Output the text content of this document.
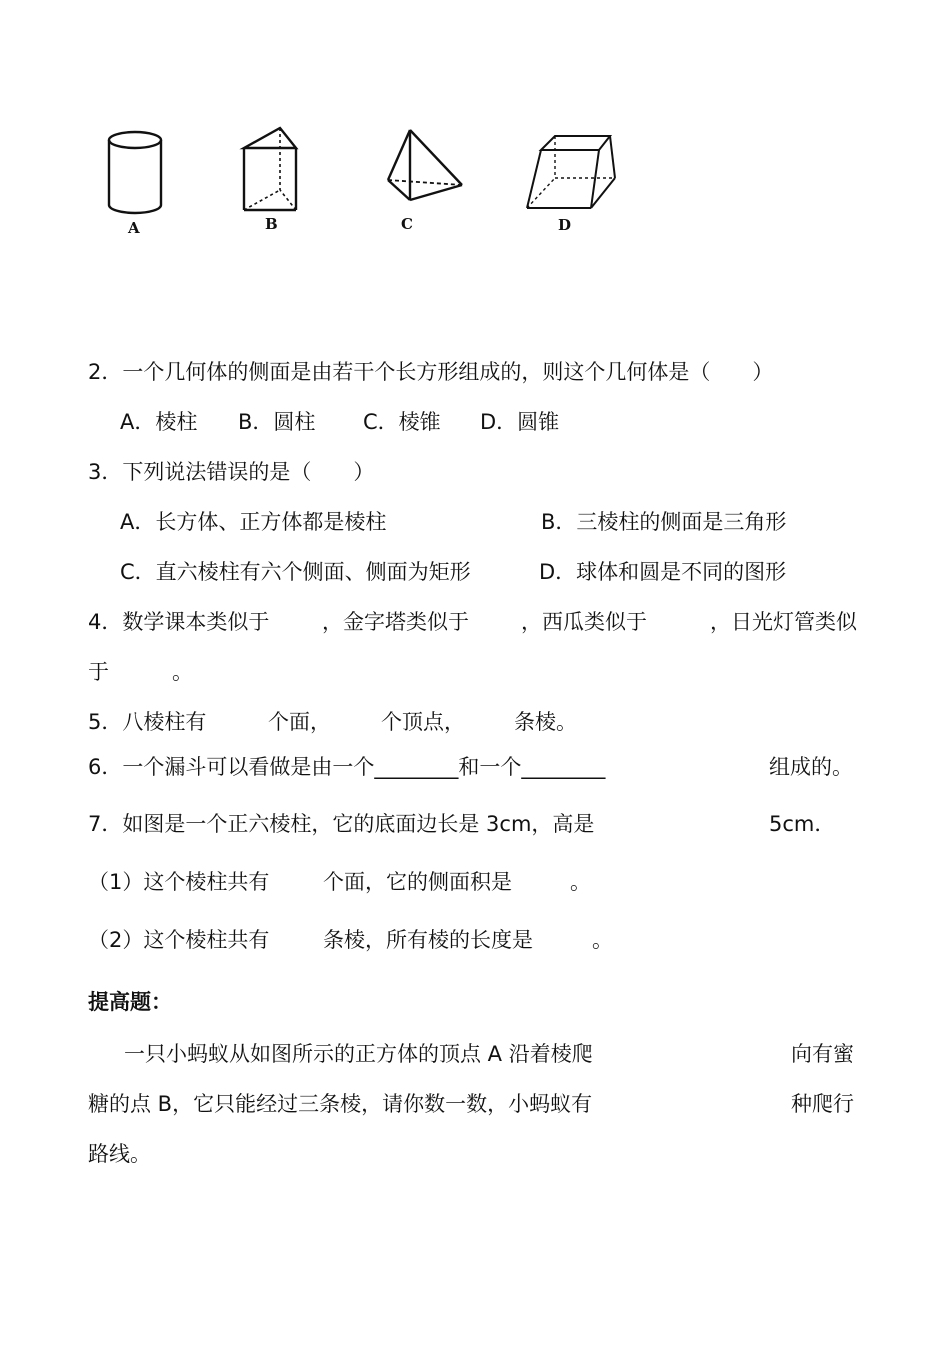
A	B	C	D
2．一个几何体的侧面是由若干个长方形组成的，则这个几何体是（　　）
A．棱柱 B．圆柱 C．棱锥 D．圆锥
3．下列说法错误的是（　　）
A．长方体、正方体都是棱柱	B．三棱柱的侧面是三角形
C．直六棱柱有六个侧面、侧面为矩形	D．球体和圆是不同的图形
4．数学课本类似于	，金字塔类似于 ，西瓜类似于	，日光灯管类似
于　　　。
5．八棱柱有	个面， 个顶点， 条棱。
6．一个漏斗可以看做是由一个________和一个________	组成的。
7．如图是一个正六棱柱，它的底面边长是 3cm，高是	5cm．
（1）这个棱柱共有	个面，它的侧面积是	。
（2）这个棱柱共有	条棱，所有棱的长度是	。
提高题：
一只小蚂蚁从如图所示的正方体的顶点 A 沿着棱爬	向有蜜
糖的点 B，它只能经过三条棱，请你数一数，小蚂蚁有	种爬行
路线。
